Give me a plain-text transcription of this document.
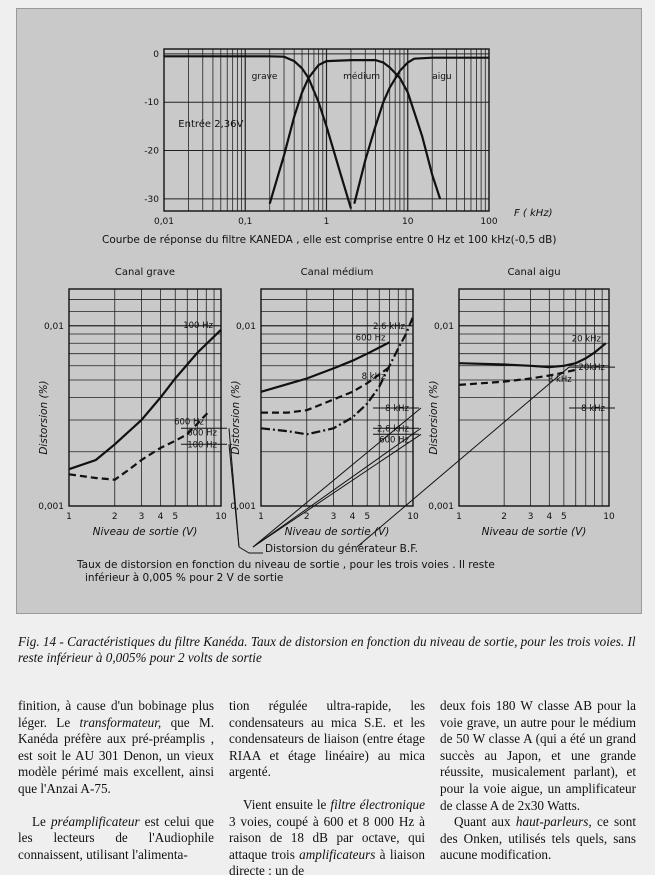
Courbe de réponse du filtre KANEDA , elle est comprise entre 0 Hz et 100 kHz(-0,5 dB)
Distorsion du générateur B.F.
Taux de distorsion en fonction du niveau de sortie , pour les trois voies . Il reste
inférieur à 0,005 % pour 2 V de sortie
0,01	0,1	1	10	100
0
-10
-20
-30
F ( kHz)
grave	médium	aigu
Entrée 2,36V
1	2 3 4 5	10
0,01
0,001
Canal grave
Niveau de sortie (V)
Distorsion (%)
100 Hz
600 Hz
600 Hz
100 Hz
1	2 3 4 5	10
0,01
0,001
Canal médium
Niveau de sortie (V)
Distorsion (%)
2,6 kHz
600 Hz
8 kHz
8 kHz
2,6 kHz
600 Hz
1	2 3 4 5	10
0,01
0,001
Canal aigu
Niveau de sortie (V)
Distorsion (%)
20 kHz
20kHz
8 kHz
8 kHz
Fig. 14 - Caractéristiques du filtre Kanéda. Taux de distorsion en fonction du niveau de sortie, pour les trois voies. Il reste inférieur à 0,005% pour 2 volts de sortie

finition, à cause d'un bobinage plus léger. Le transformateur, que M. Kanéda préfère aux pré-préamplis , est soit le AU 301 Denon, un vieux modèle périmé mais excellent, ainsi que l'Anzai A-75.

Le préamplificateur est celui que les lecteurs de l'Audiophile connaissent, utilisant l'alimenta-

tion régulée ultra-rapide, les condensateurs au mica S.E. et les condensateurs de liaison (entre étage RIAA et étage linéaire) au mica argenté.

Vient ensuite le filtre électronique 3 voies, coupé à 600 et 8 000 Hz à raison de 18 dB par octave, qui attaque trois amplificateurs à liaison directe : un de

deux fois 180 W classe AB pour la voie grave, un autre pour le médium de 50 W classe A (qui a été un grand succès au Japon, et une grande réussite, musicalement parlant), et pour la voie aigue, un amplificateur de classe A de 2x30 Watts.

Quant aux haut-parleurs, ce sont des Onken, utilisés tels quels, sans aucune modification.
